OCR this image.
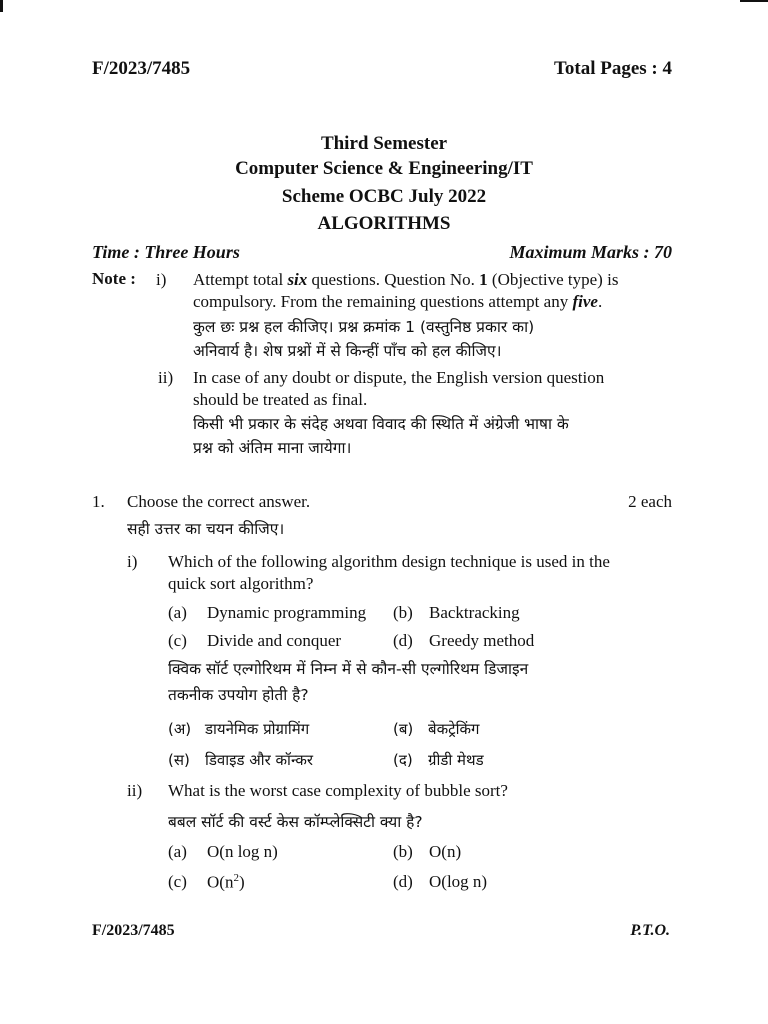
F/2023/7485	Total Pages : 4
Third Semester
Computer Science & Engineering/IT
Scheme OCBC July 2022
ALGORITHMS
Time : Three Hours	Maximum Marks : 70
Note : i) Attempt total six questions. Question No. 1 (Objective type) is
compulsory. From the remaining questions attempt any five.
कुल छः प्रश्न हल कीजिए। प्रश्न क्रमांक 1 (वस्तुनिष्ठ प्रकार का)
अनिवार्य है। शेष प्रश्नों में से किन्हीं पाँच को हल कीजिए।
ii) In case of any doubt or dispute, the English version question
should be treated as final.
किसी भी प्रकार के संदेह अथवा विवाद की स्थिति में अंग्रेजी भाषा के
प्रश्न को अंतिम माना जायेगा।
1. Choose the correct answer.	2 each
सही उत्तर का चयन कीजिए।
i) Which of the following algorithm design technique is used in the
quick sort algorithm?
(a) Dynamic programming (b) Backtracking
(c) Divide and conquer	(d) Greedy method
क्विक सॉर्ट एल्गोरिथम में निम्न में से कौन-सी एल्गोरिथम डिजाइन
तकनीक उपयोग होती है?
(अ) डायनेमिक प्रोग्रामिंग	(ब) बेकट्रेकिंग
(स) डिवाइड और कॉन्कर	(द) ग्रीडी मेथड
ii) What is the worst case complexity of bubble sort?
बबल सॉर्ट की वर्स्ट केस कॉम्प्लेक्सिटी क्या है?
(a) O(n log n)	(b) O(n)
(c) $O(n^2)$	(d) O(log n)
F/2023/7485	P.T.O.
